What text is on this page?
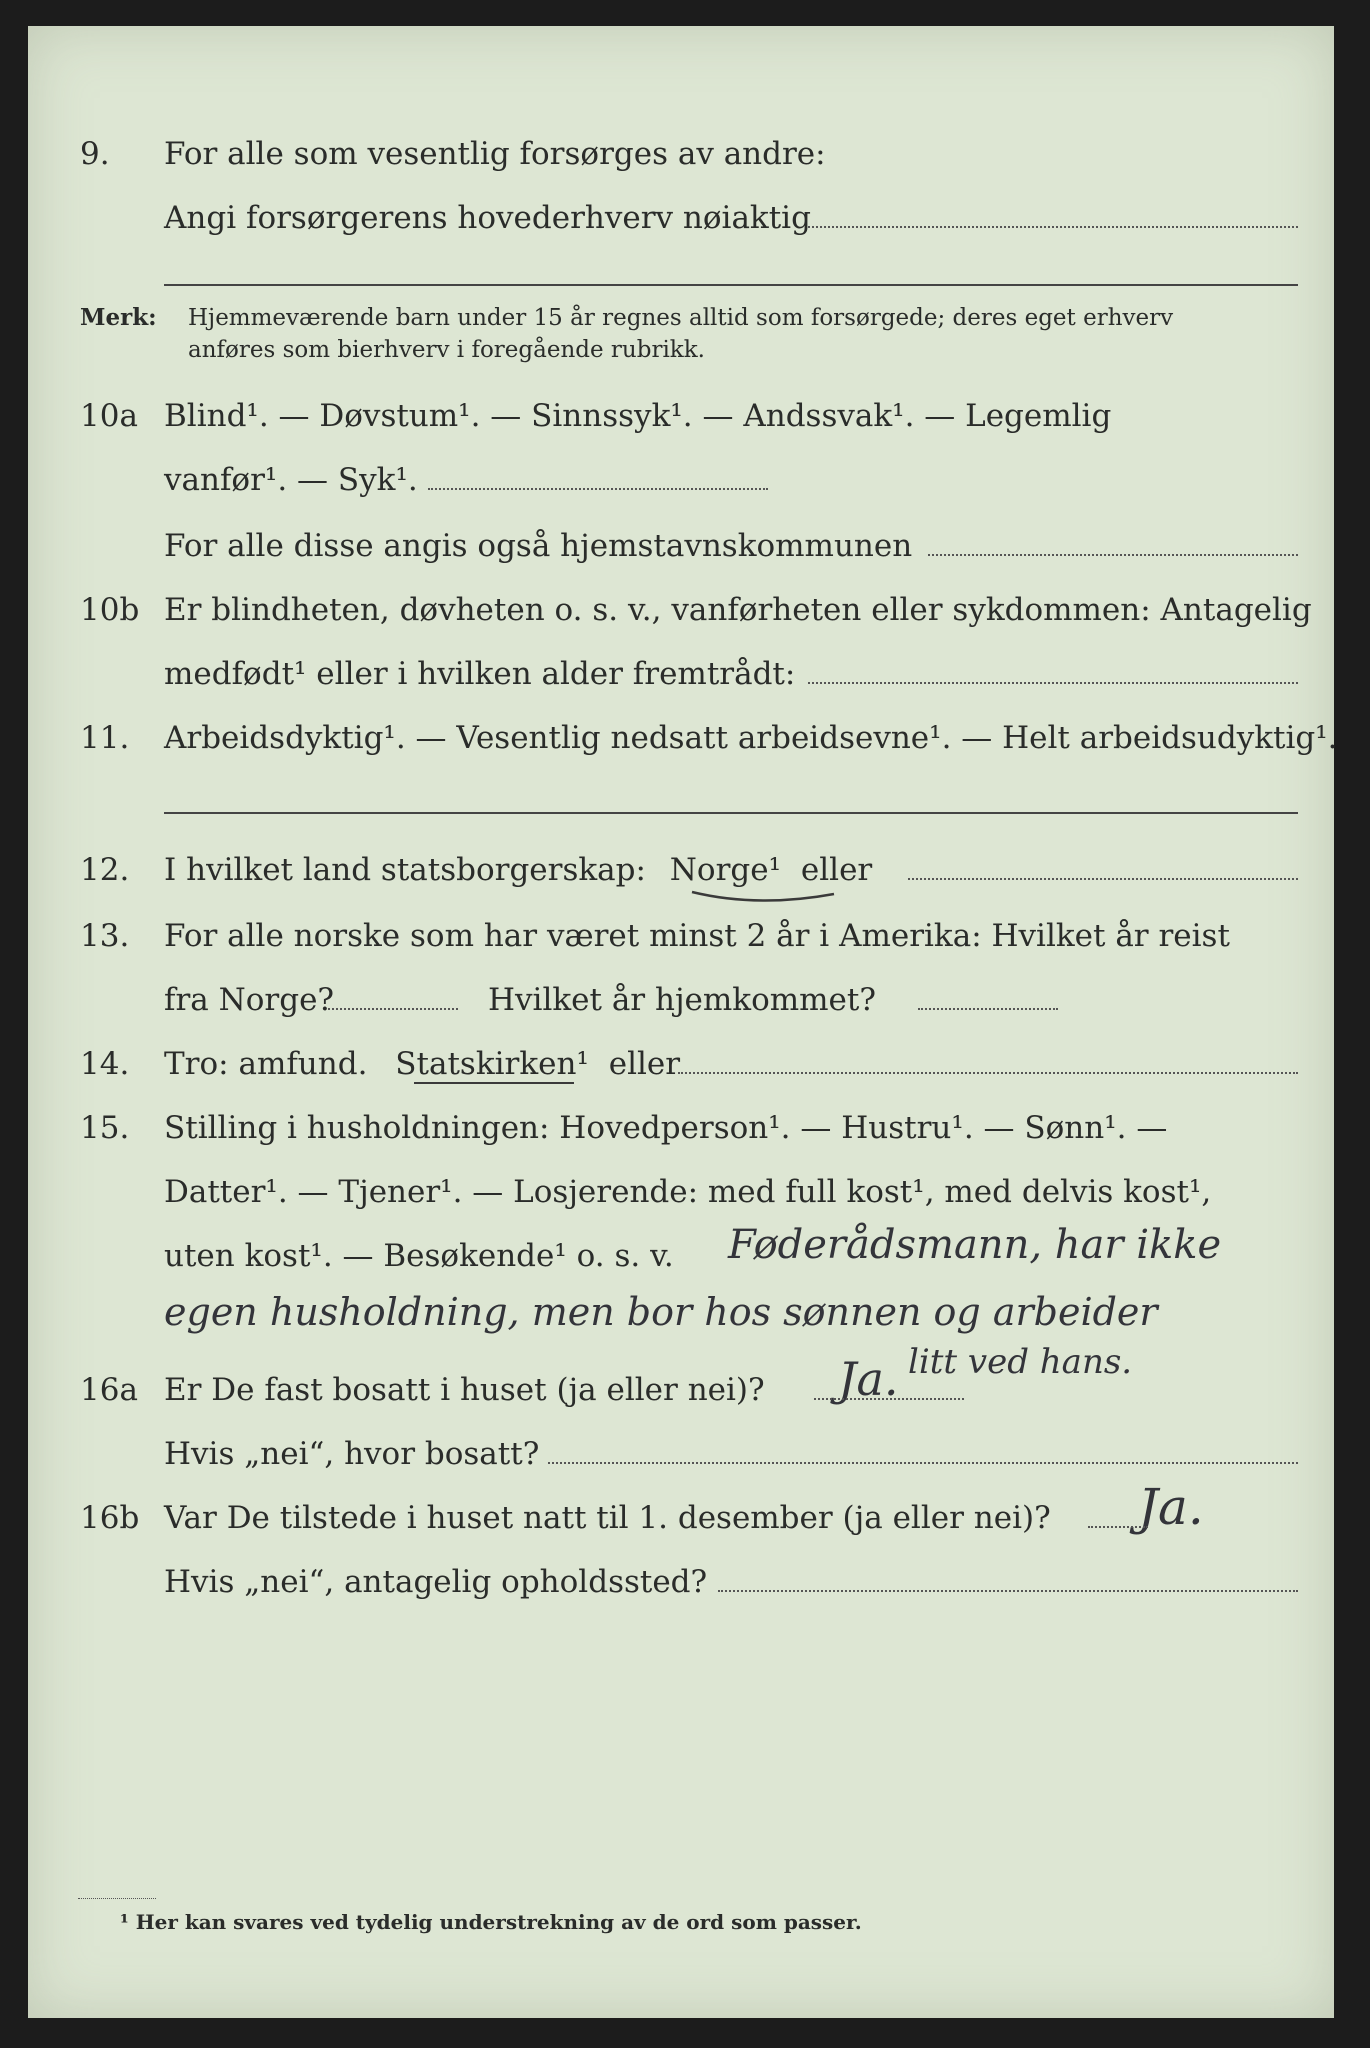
9. For alle som vesentlig forsørges av andre:
Angi forsørgerens hovederhverv nøiaktig
Merk: Hjemmeværende barn under 15 år regnes alltid som forsørgede; deres eget erhverv
anføres som bierhverv i foregående rubrikk.
10a Blind¹. — Døvstum¹. — Sinnssyk¹. — Andssvak¹. — Legemlig
vanfør¹. — Syk¹.
For alle disse angis også hjemstavnskommunen
10b Er blindheten, døvheten o. s. v., vanførheten eller sykdommen: Antagelig
medfødt¹ eller i hvilken alder fremtrådt:
11. Arbeidsdyktig¹. — Vesentlig nedsatt arbeidsevne¹. — Helt arbeidsudyktig¹.
12. I hvilket land statsborgerskap: Norge¹ eller
13. For alle norske som har været minst 2 år i Amerika: Hvilket år reist
fra Norge?	Hvilket år hjemkommet?
14. Tro: amfund. Statskirken¹ eller
15. Stilling i husholdningen: Hovedperson¹. — Hustru¹. — Sønn¹. —
Datter¹. — Tjener¹. — Losjerende: med full kost¹, med delvis kost¹,
uten kost¹. — Besøkende¹ o. s. v. Føderådsmann, har ikke
egen husholdning, men bor hos sønnen og arbeider
litt ved hans.
16a Er De fast bosatt i huset (ja eller nei)? Ja.
Hvis „nei“, hvor bosatt?
16b Var De tilstede i huset natt til 1. desember (ja eller nei)? Ja.
Hvis „nei“, antagelig opholdssted?
¹ Her kan svares ved tydelig understrekning av de ord som passer.
